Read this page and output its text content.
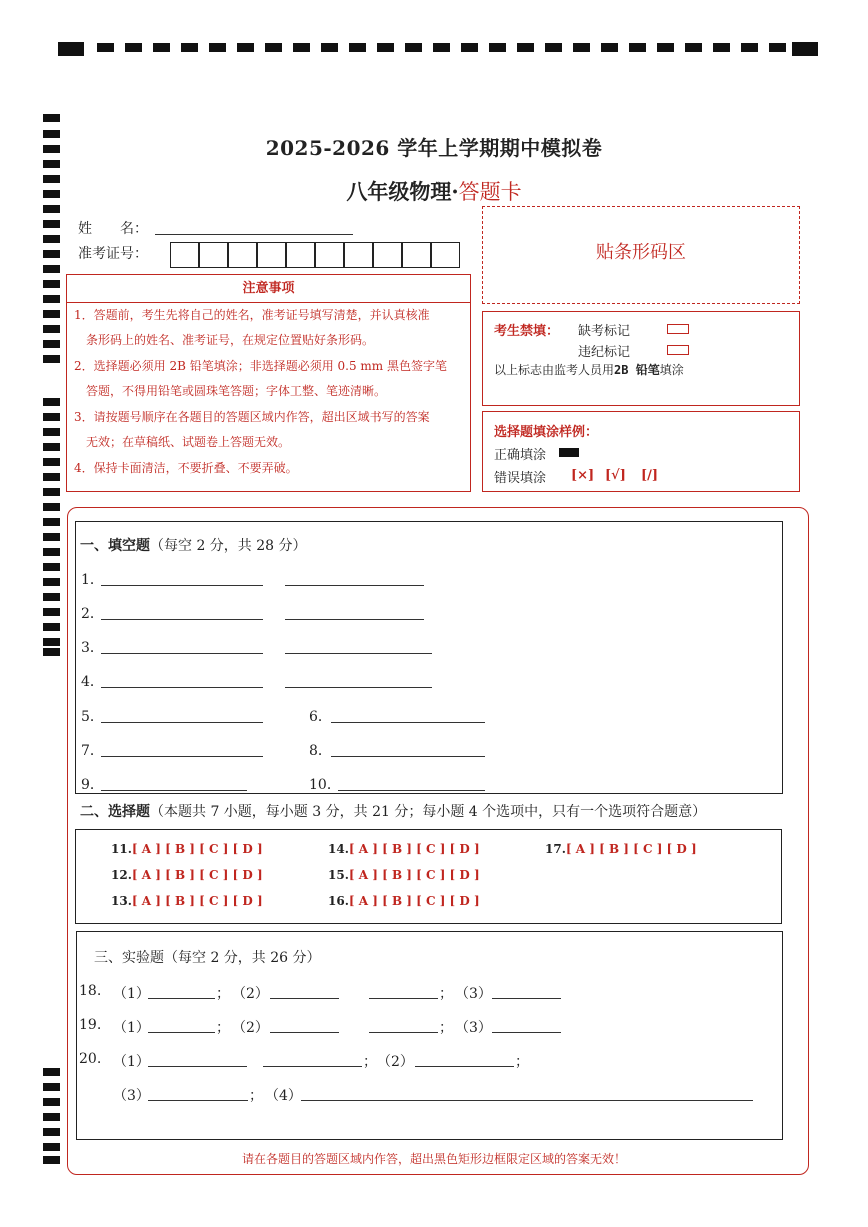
2025-2026 学年上学期期中模拟卷
八年级物理·答题卡
姓　　名：
准考证号：
注意事项
1．答题前，考生先将自己的姓名，准考证号填写清楚，并认真核准
　条形码上的姓名、准考证号，在规定位置贴好条形码。
2．选择题必须用 2B 铅笔填涂；非选择题必须用 0.5 mm 黑色签字笔
　答题，不得用铅笔或圆珠笔答题；字体工整、笔迹清晰。
3．请按题号顺序在各题目的答题区域内作答，超出区域书写的答案
　无效；在草稿纸、试题卷上答题无效。
4．保持卡面清洁，不要折叠、不要弄破。
贴条形码区
考生禁填： 缺考标记
违纪标记
以上标志由监考人员用2B 铅笔填涂
选择题填涂样例：
正确填涂
错误填涂 [×] [√] [/]
一、填空题（每空 2 分，共 28 分）
1．
2．
3．
4．
5．	6．
7．	8．
9．	10．
二、选择题（本题共 7 小题，每小题 3 分，共 21 分；每小题 4 个选项中，只有一个选项符合题意）
11.[ A ] [ B ] [ C ] [ D ]
12.[ A ] [ B ] [ C ] [ D ]
13.[ A ] [ B ] [ C ] [ D ]
14.[ A ] [ B ] [ C ] [ D ]
15.[ A ] [ B ] [ C ] [ D ]
16.[ A ] [ B ] [ C ] [ D ]
17.[ A ] [ B ] [ C ] [ D ]
三、实验题（每空 2 分，共 26 分）
18. （1）	； （2）	； （3）
19. （1）	； （2）	； （3）
20. （1）	； （2）	；
（3）	； （4）
请在各题目的答题区域内作答，超出黑色矩形边框限定区域的答案无效！
